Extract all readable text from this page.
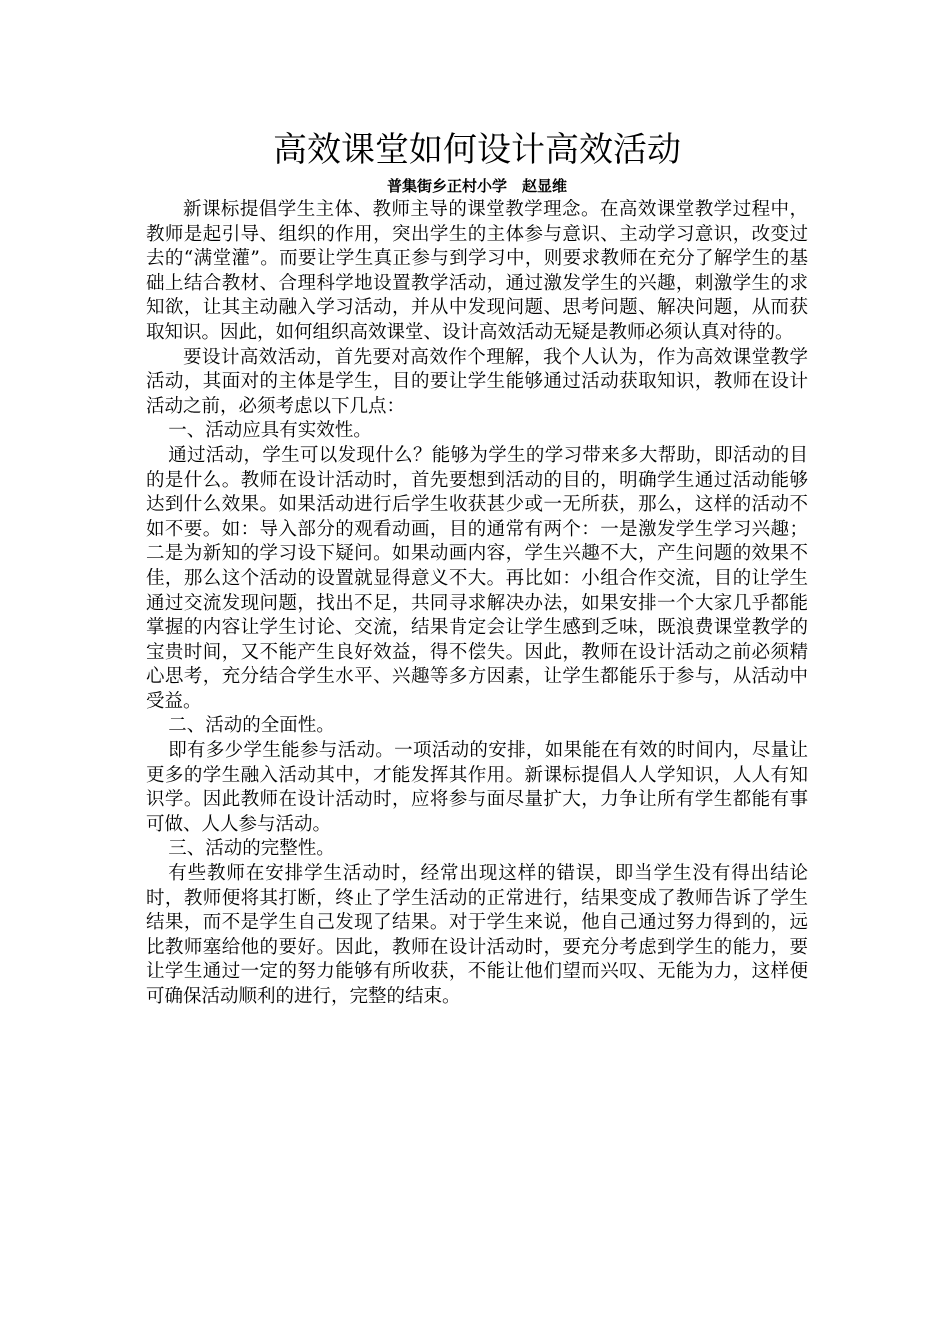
高效课堂如何设计高效活动

普集街乡正村小学　赵显维

新课标提倡学生主体、教师主导的课堂教学理念。在高效课堂教学过程中，教师是起引导、组织的作用，突出学生的主体参与意识、主动学习意识，改变过去的“满堂灌”。而要让学生真正参与到学习中，则要求教师在充分了解学生的基础上结合教材、合理科学地设置教学活动，通过激发学生的兴趣，刺激学生的求知欲，让其主动融入学习活动，并从中发现问题、思考问题、解决问题，从而获取知识。因此，如何组织高效课堂、设计高效活动无疑是教师必须认真对待的。

要设计高效活动，首先要对高效作个理解，我个人认为，作为高效课堂教学活动，其面对的主体是学生，目的要让学生能够通过活动获取知识，教师在设计活动之前，必须考虑以下几点：

一、活动应具有实效性。

通过活动，学生可以发现什么？能够为学生的学习带来多大帮助，即活动的目的是什么。教师在设计活动时，首先要想到活动的目的，明确学生通过活动能够达到什么效果。如果活动进行后学生收获甚少或一无所获，那么，这样的活动不如不要。如：导入部分的观看动画，目的通常有两个：一是激发学生学习兴趣；二是为新知的学习设下疑问。如果动画内容，学生兴趣不大，产生问题的效果不佳，那么这个活动的设置就显得意义不大。再比如：小组合作交流，目的让学生通过交流发现问题，找出不足，共同寻求解决办法，如果安排一个大家几乎都能掌握的内容让学生讨论、交流，结果肯定会让学生感到乏味，既浪费课堂教学的宝贵时间，又不能产生良好效益，得不偿失。因此，教师在设计活动之前必须精心思考，充分结合学生水平、兴趣等多方因素，让学生都能乐于参与，从活动中受益。

二、活动的全面性。

即有多少学生能参与活动。一项活动的安排，如果能在有效的时间内，尽量让更多的学生融入活动其中，才能发挥其作用。新课标提倡人人学知识，人人有知识学。因此教师在设计活动时，应将参与面尽量扩大，力争让所有学生都能有事可做、人人参与活动。

三、活动的完整性。

有些教师在安排学生活动时，经常出现这样的错误，即当学生没有得出结论时，教师便将其打断，终止了学生活动的正常进行，结果变成了教师告诉了学生结果，而不是学生自己发现了结果。对于学生来说，他自己通过努力得到的，远比教师塞给他的要好。因此，教师在设计活动时，要充分考虑到学生的能力，要让学生通过一定的努力能够有所收获，不能让他们望而兴叹、无能为力，这样便可确保活动顺利的进行，完整的结束。
